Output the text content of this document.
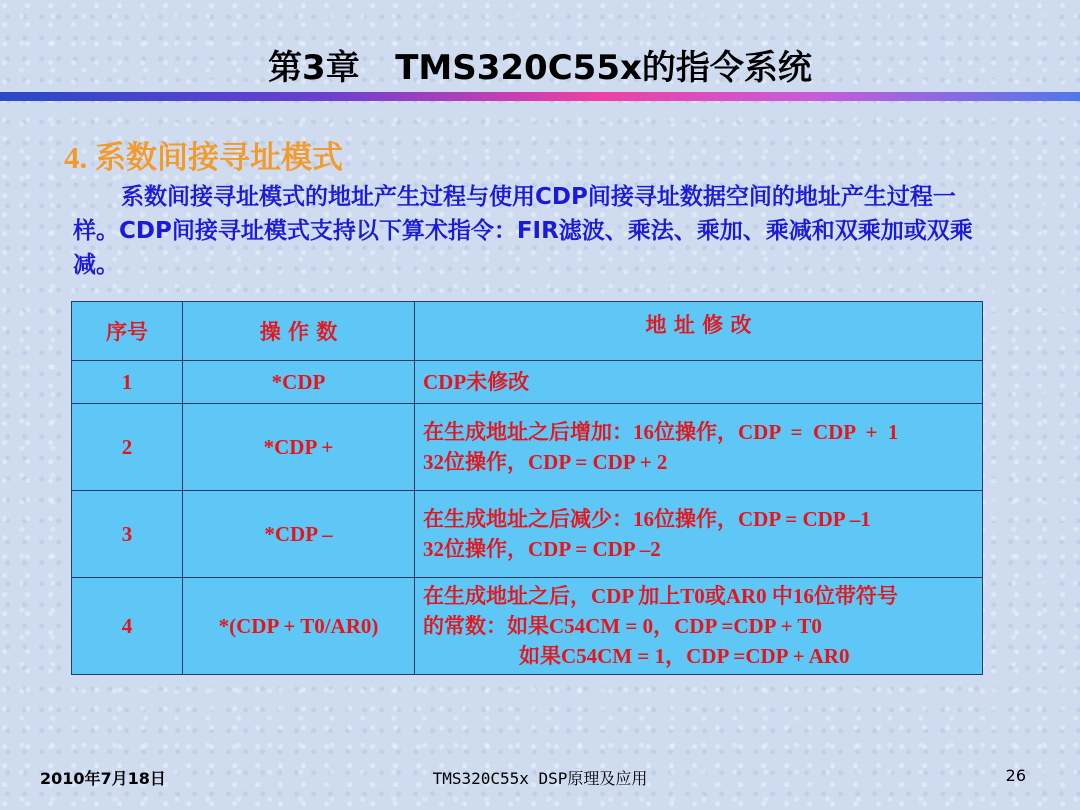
第3章   TMS320C55x的指令系统
4. 系数间接寻址模式
系数间接寻址模式的地址产生过程与使用CDP间接寻址数据空间的地址产生过程一样。CDP间接寻址模式支持以下算术指令：FIR滤波、乘法、乘加、乘减和双乘加或双乘减。
序号	操 作 数	地 址 修 改
1	*CDP	CDP未修改

2	*CDP +	在生成地址之后增加：16位操作，CDP  =  CDP  +  1
32位操作，CDP = CDP + 2

3	*CDP –	在生成地址之后减少：16位操作，CDP = CDP –1
32位操作，CDP = CDP –2

4	*(CDP + T0/AR0)	在生成地址之后，CDP 加上T0或AR0 中16位带符号
的常数：如果C54CM = 0，CDP =CDP + T0
如果C54CM = 1，CDP =CDP + AR0
2010年7月18日	TMS320C55x DSP原理及应用	26
